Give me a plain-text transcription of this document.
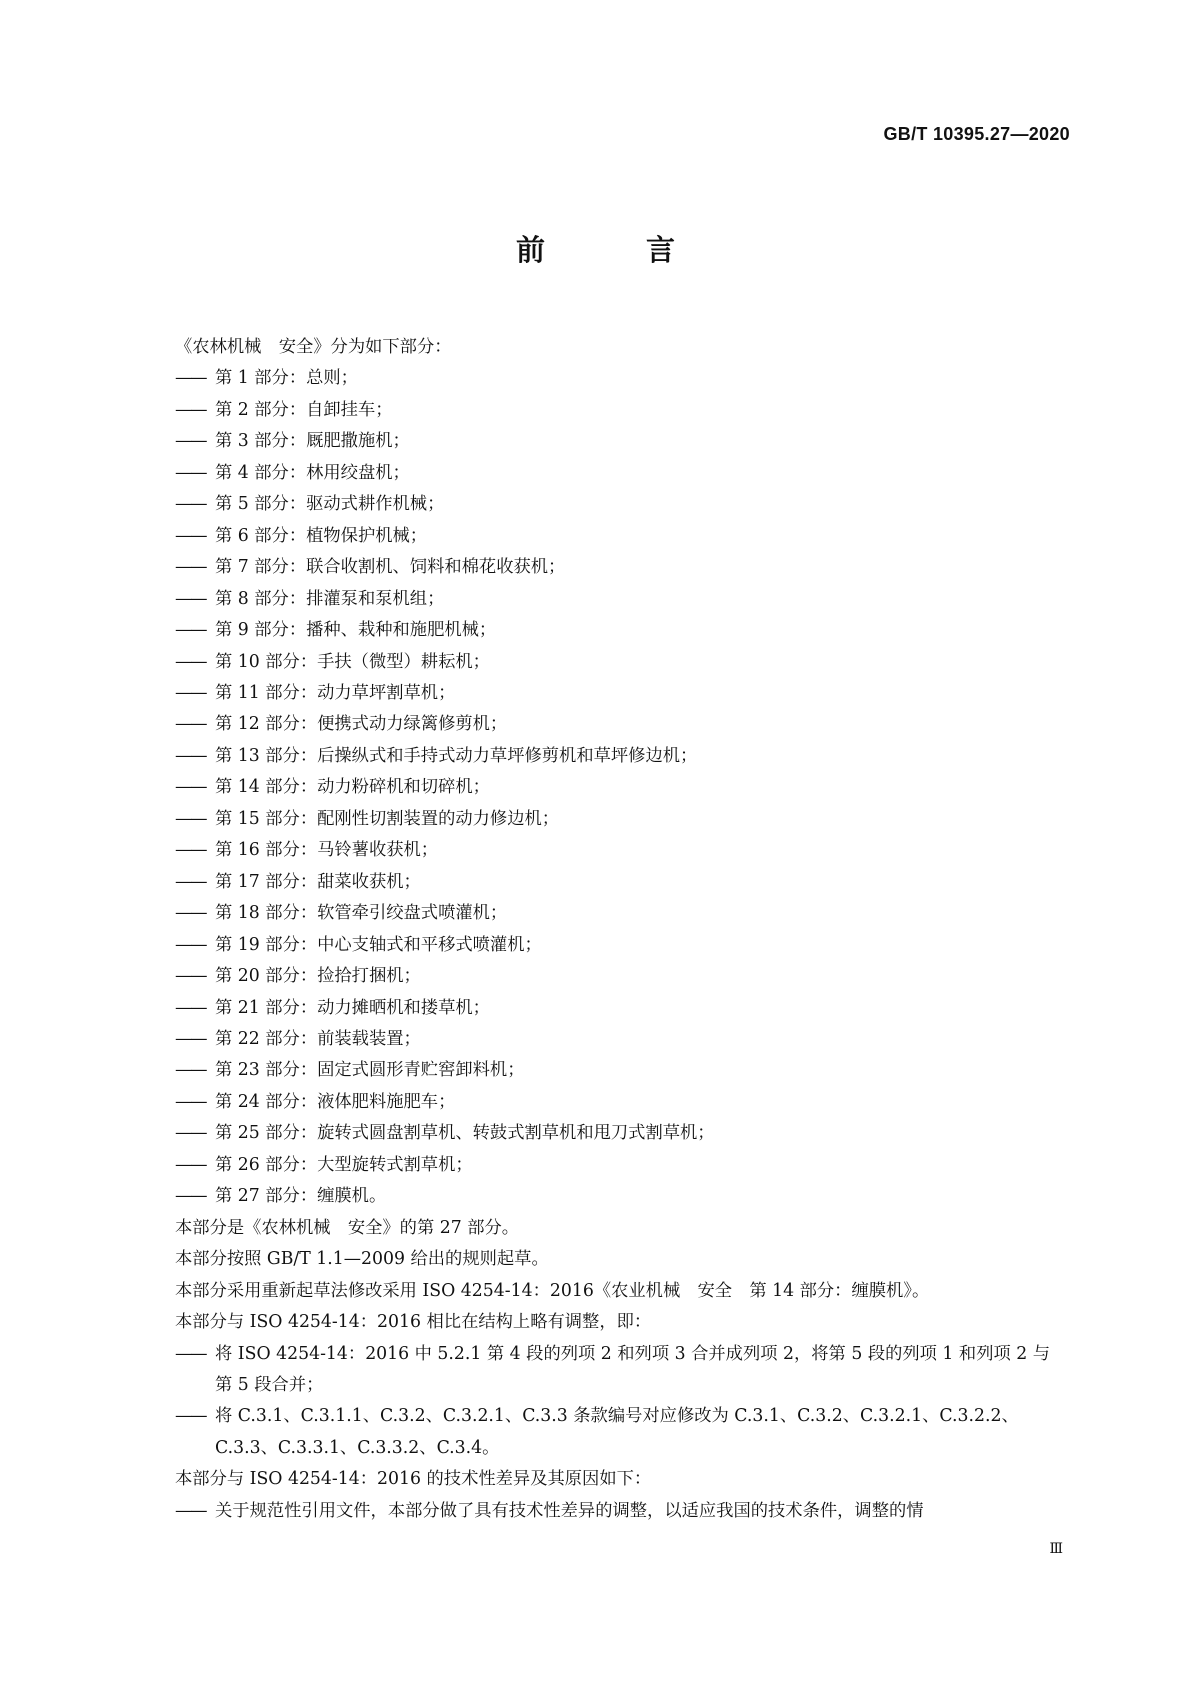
GB/T 10395.27—2020
前　言
《农林机械　安全》分为如下部分：
—— 第 1 部分：总则；
—— 第 2 部分：自卸挂车；
—— 第 3 部分：厩肥撒施机；
—— 第 4 部分：林用绞盘机；
—— 第 5 部分：驱动式耕作机械；
—— 第 6 部分：植物保护机械；
—— 第 7 部分：联合收割机、饲料和棉花收获机；
—— 第 8 部分：排灌泵和泵机组；
—— 第 9 部分：播种、栽种和施肥机械；
—— 第 10 部分：手扶（微型）耕耘机；
—— 第 11 部分：动力草坪割草机；
—— 第 12 部分：便携式动力绿篱修剪机；
—— 第 13 部分：后操纵式和手持式动力草坪修剪机和草坪修边机；
—— 第 14 部分：动力粉碎机和切碎机；
—— 第 15 部分：配刚性切割装置的动力修边机；
—— 第 16 部分：马铃薯收获机；
—— 第 17 部分：甜菜收获机；
—— 第 18 部分：软管牵引绞盘式喷灌机；
—— 第 19 部分：中心支轴式和平移式喷灌机；
—— 第 20 部分：捡拾打捆机；
—— 第 21 部分：动力摊晒机和搂草机；
—— 第 22 部分：前装载装置；
—— 第 23 部分：固定式圆形青贮窖卸料机；
—— 第 24 部分：液体肥料施肥车；
—— 第 25 部分：旋转式圆盘割草机、转鼓式割草机和甩刀式割草机；
—— 第 26 部分：大型旋转式割草机；
—— 第 27 部分：缠膜机。
本部分是《农林机械　安全》的第 27 部分。
本部分按照 GB/T 1.1—2009 给出的规则起草。
本部分采用重新起草法修改采用 ISO 4254-14：2016《农业机械　安全　第 14 部分：缠膜机》。
本部分与 ISO 4254-14：2016 相比在结构上略有调整，即：
—— 将 ISO 4254-14：2016 中 5.2.1 第 4 段的列项 2 和列项 3 合并成列项 2，将第 5 段的列项 1 和列项 2 与第 5 段合并；
—— 将 C.3.1、C.3.1.1、C.3.2、C.3.2.1、C.3.3 条款编号对应修改为 C.3.1、C.3.2、C.3.2.1、C.3.2.2、C.3.3、C.3.3.1、C.3.3.2、C.3.4。
本部分与 ISO 4254-14：2016 的技术性差异及其原因如下：
—— 关于规范性引用文件，本部分做了具有技术性差异的调整，以适应我国的技术条件，调整的情
Ⅲ
